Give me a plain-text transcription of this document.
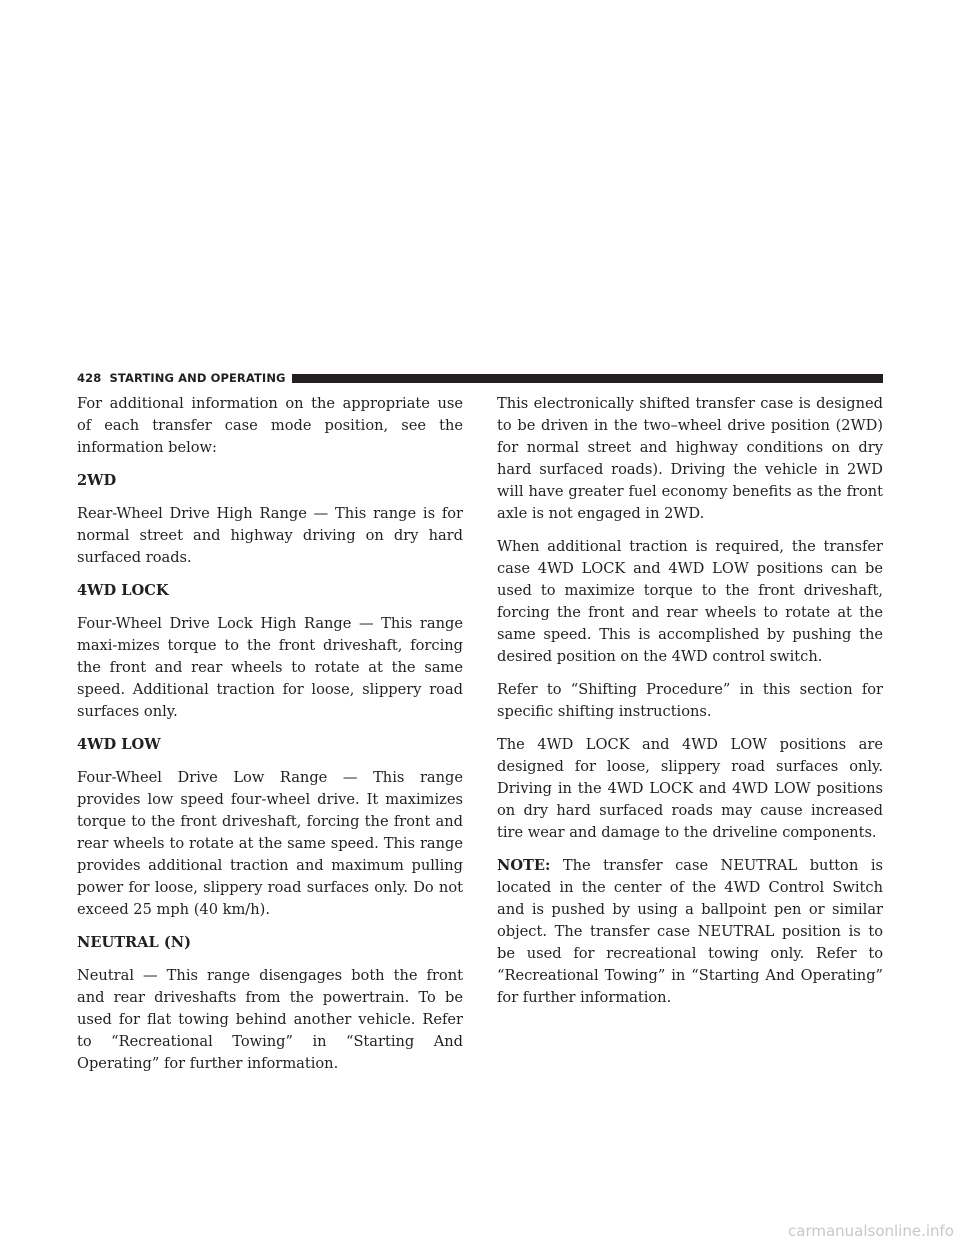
428
STARTING AND OPERATING

For additional information on the appropriate use of each transfer case mode position, see the information below:

2WD

Rear-Wheel Drive High Range — This range is for normal street and highway driving on dry hard surfaced roads.

4WD LOCK

Four-Wheel Drive Lock High Range — This range maxi-mizes torque to the front driveshaft, forcing the front and rear wheels to rotate at the same speed. Additional traction for loose, slippery road surfaces only.

4WD LOW

Four-Wheel Drive Low Range — This range provides low speed four-wheel drive. It maximizes torque to the front driveshaft, forcing the front and rear wheels to rotate at the same speed. This range provides additional traction and maximum pulling power for loose, slippery road surfaces only. Do not exceed 25 mph (40 km/h).

NEUTRAL (N)

Neutral — This range disengages both the front and rear driveshafts from the powertrain. To be used for flat towing behind another vehicle. Refer to “Recreational Towing” in “Starting And Operating” for further information.

This electronically shifted transfer case is designed to be driven in the two–wheel drive position (2WD) for normal street and highway conditions on dry hard surfaced roads). Driving the vehicle in 2WD will have greater fuel economy benefits as the front axle is not engaged in 2WD.

When additional traction is required, the transfer case 4WD LOCK and 4WD LOW positions can be used to maximize torque to the front driveshaft, forcing the front and rear wheels to rotate at the same speed. This is accomplished by pushing the desired position on the 4WD control switch.

Refer to “Shifting Procedure” in this section for specific shifting instructions.

The 4WD LOCK and 4WD LOW positions are designed for loose, slippery road surfaces only. Driving in the 4WD LOCK and 4WD LOW positions on dry hard surfaced roads may cause increased tire wear and damage to the driveline components.

NOTE: The transfer case NEUTRAL button is located in the center of the 4WD Control Switch and is pushed by using a ballpoint pen or similar object. The transfer case NEUTRAL position is to be used for recreational towing only. Refer to “Recreational Towing” in “Starting And Operating” for further information.

carmanualsonline.info
